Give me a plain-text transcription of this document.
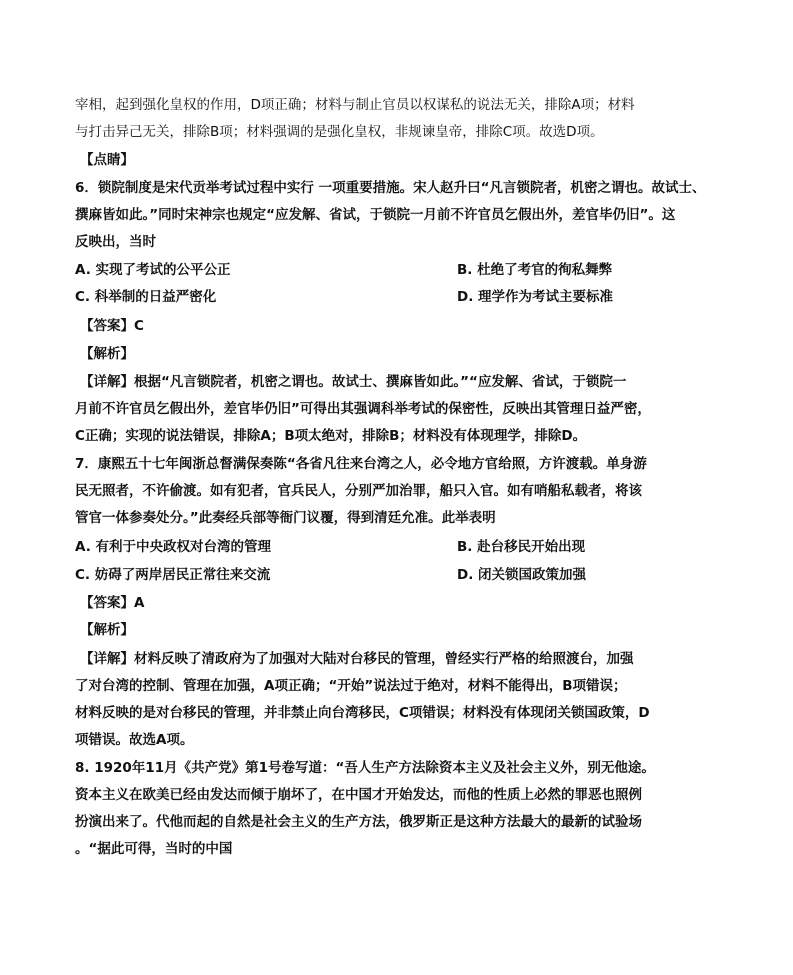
宰相，起到强化皇权的作用，D项正确；材料与制止官员以权谋私的说法无关，排除A项；材料
与打击异己无关，排除B项；材料强调的是强化皇权，非规谏皇帝，排除C项。故选D项。
【点睛】
6．锁院制度是宋代贡举考试过程中实行 一项重要措施。宋人赵升曰“凡言锁院者，机密之谓也。故试士、
撰麻皆如此。”同时宋神宗也规定“应发解、省试，于锁院一月前不许官员乞假出外，差官毕仍旧”。这
反映出，当时
A. 实现了考试的公平公正	B. 杜绝了考官的徇私舞弊
C. 科举制的日益严密化	D. 理学作为考试主要标准
【答案】C
【解析】
【详解】根据“凡言锁院者，机密之谓也。故试士、撰麻皆如此。”“应发解、省试，于锁院一
月前不许官员乞假出外，差官毕仍旧”可得出其强调科举考试的保密性，反映出其管理日益严密，
C正确；实现的说法错误，排除A；B项太绝对，排除B；材料没有体现理学，排除D。
7．康熙五十七年闽浙总督满保奏陈“各省凡往来台湾之人，必令地方官给照，方许渡载。单身游
民无照者，不许偷渡。如有犯者，官兵民人，分别严加治罪，船只入官。如有哨船私载者，将该
管官一体参奏处分。”此奏经兵部等衙门议覆，得到清廷允准。此举表明
A. 有利于中央政权对台湾的管理	B. 赴台移民开始出现
C. 妨碍了两岸居民正常往来交流	D. 闭关锁国政策加强
【答案】A
【解析】
【详解】材料反映了清政府为了加强对大陆对台移民的管理，曾经实行严格的给照渡台，加强
了对台湾的控制、管理在加强，A项正确；“开始”说法过于绝对，材料不能得出，B项错误；
材料反映的是对台移民的管理，并非禁止向台湾移民，C项错误；材料没有体现闭关锁国政策，D
项错误。故选A项。
8. 1920年11月《共产党》第1号卷写道：“吾人生产方法除资本主义及社会主义外，别无他途。
资本主义在欧美已经由发达而倾于崩坏了，在中国才开始发达，而他的性质上必然的罪恶也照例
扮演出来了。代他而起的自然是社会主义的生产方法，俄罗斯正是这种方法最大的最新的试验场
。“据此可得，当时的中国
